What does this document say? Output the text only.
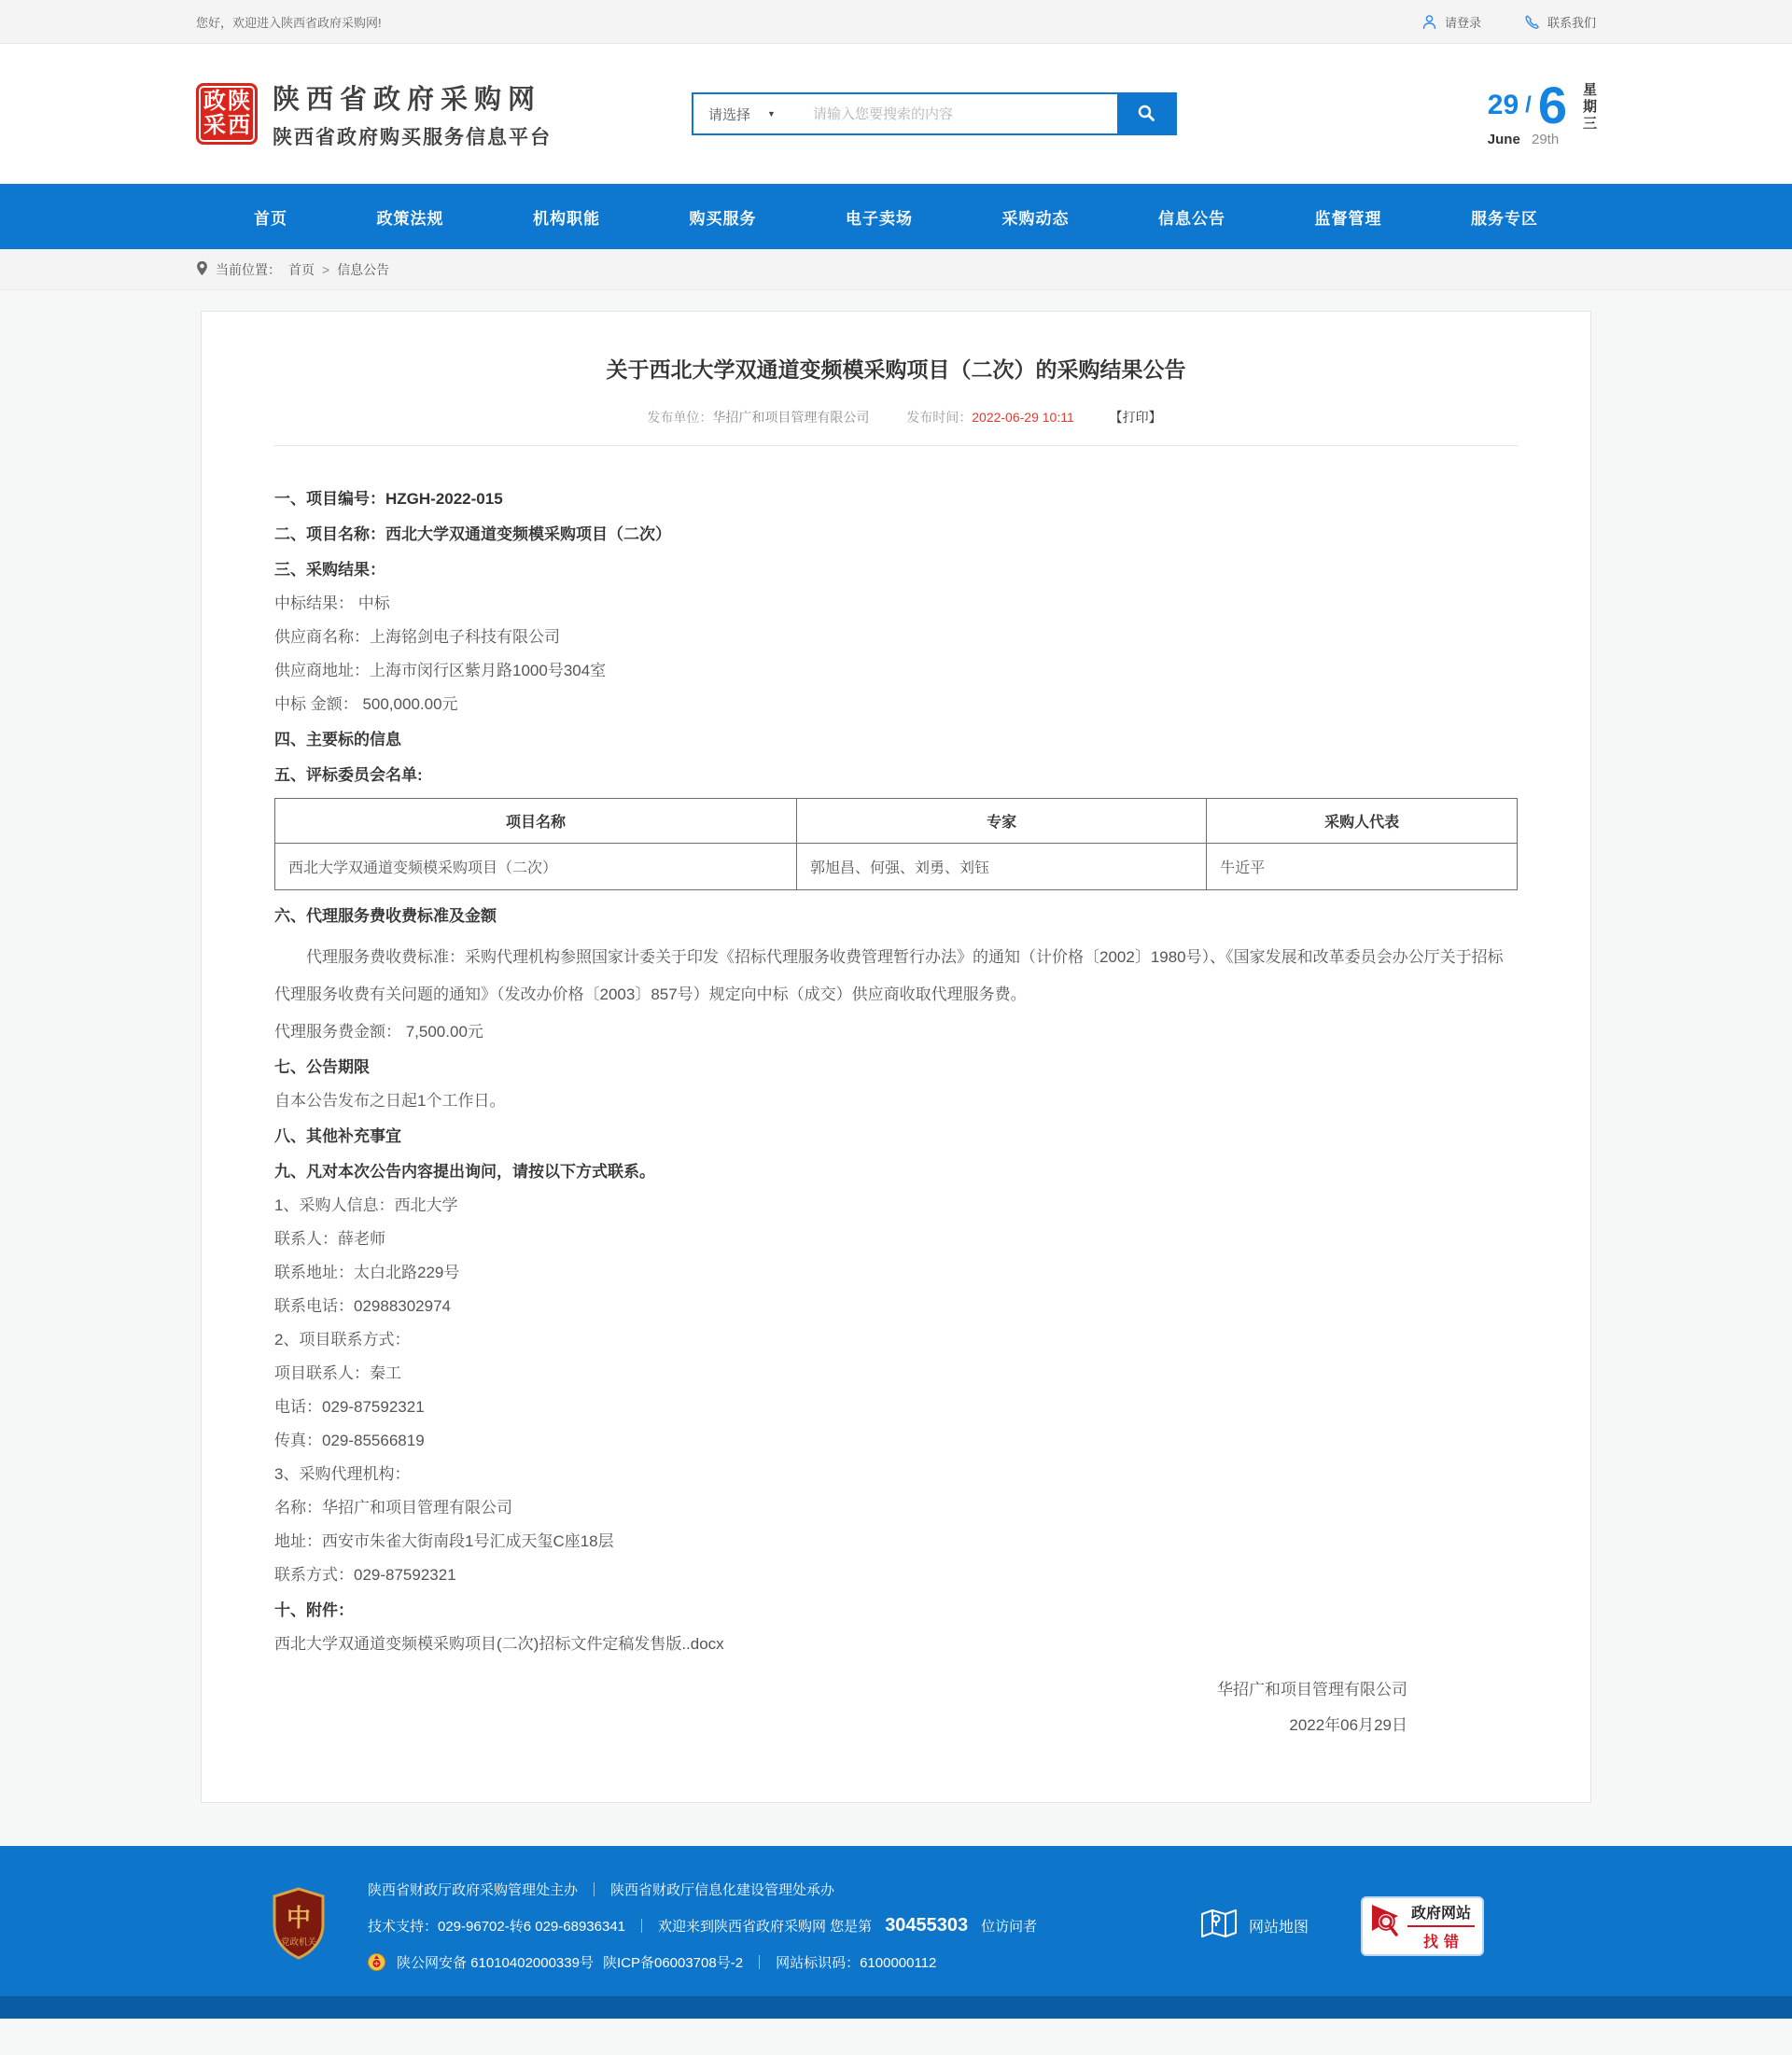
您好，欢迎进入陕西省政府采购网!	请登录	联系我们
政 陕
采 西
陕西省政府采购网
陕西省政府购买服务信息平台
请选择 ▼
请输入您要搜索的内容	29 / 6
June 29th
星期三
首页	政策法规	机构职能	购买服务	电子卖场	采购动态	信息公告	监督管理	服务专区
当前位置： 首页 > 信息公告
关于西北大学双通道变频模采购项目（二次）的采购结果公告
发布单位：华招广和项目管理有限公司	发布时间：2022-06-29 10:11	【打印】

一、项目编号：HZGH-2022-015

二、项目名称：西北大学双通道变频模采购项目（二次）

三、采购结果：

中标结果： 中标

供应商名称：上海铭剑电子科技有限公司

供应商地址：上海市闵行区紫月路1000号304室

中标 金额： 500,000.00元

四、主要标的信息

五、评标委员会名单:

项目名称	专家	采购人代表
西北大学双通道变频模采购项目（二次）	郭旭昌、何强、刘勇、刘钰	牛近平

六、代理服务费收费标准及金额

代理服务费收费标准：采购代理机构参照国家计委关于印发《招标代理服务收费管理暂行办法》的通知（计价格〔2002〕1980号）、《国家发展和改革委员会办公厅关于招标代理服务收费有关问题的通知》（发改办价格〔2003〕857号）规定向中标（成交）供应商收取代理服务费。

代理服务费金额： 7,500.00元

七、公告期限

自本公告发布之日起1个工作日。

八、其他补充事宜

九、凡对本次公告内容提出询问，请按以下方式联系。

1、采购人信息：西北大学

联系人：薛老师

联系地址：太白北路229号

联系电话：02988302974

2、项目联系方式：

项目联系人：秦工

电话：029-87592321

传真：029-85566819

3、采购代理机构：

名称：华招广和项目管理有限公司

地址：西安市朱雀大街南段1号汇成天玺C座18层

联系方式：029-87592321

十、附件：

西北大学双通道变频模采购项目(二次)招标文件定稿发售版..docx

华招广和项目管理有限公司

2022年06月29日

中
党政机关
陕西省财政厅政府采购管理处主办 ｜ 陕西省财政厅信息化建设管理处承办
技术支持：029-96702-转6 029-68936341 ｜ 欢迎来到陕西省政府采购网 您是第 30455303 位访问者
陕公网安备 61010402000339号 陕ICP备06003708号-2 ｜ 网站标识码：6100000112
网站地图
政府网站
找错
